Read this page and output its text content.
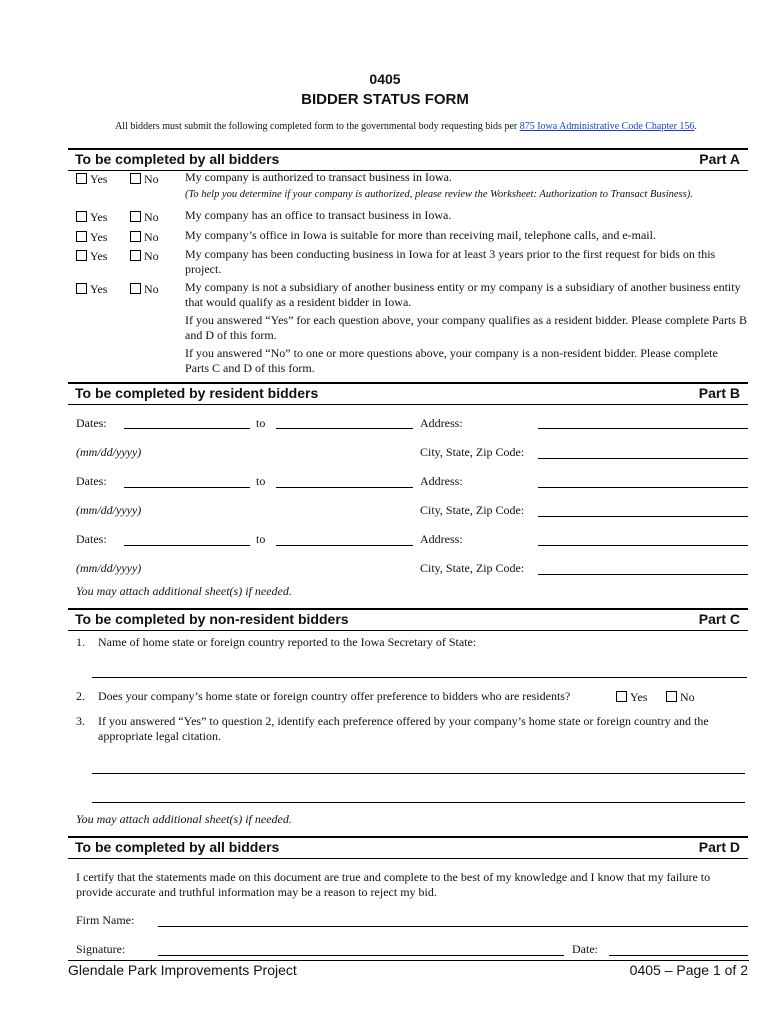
0405
BIDDER STATUS FORM
All bidders must submit the following completed form to the governmental body requesting bids per 875 Iowa Administrative Code Chapter 156.
To be completed by all bidders	Part A
Yes	No My company is authorized to transact business in Iowa.
(To help you determine if your company is authorized, please review the Worksheet: Authorization to Transact Business).
Yes	No My company has an office to transact business in Iowa.
Yes	No My company’s office in Iowa is suitable for more than receiving mail, telephone calls, and e-mail.
Yes	No My company has been conducting business in Iowa for at least 3 years prior to the first request for bids on this project.
Yes	No My company is not a subsidiary of another business entity or my company is a subsidiary of another business entity that would qualify as a resident bidder in Iowa.
If you answered “Yes” for each question above, your company qualifies as a resident bidder. Please complete Parts B and D of this form.
If you answered “No” to one or more questions above, your company is a non-resident bidder. Please complete Parts C and D of this form.
To be completed by resident bidders	Part B
Dates:	to	Address:
(mm/dd/yyyy)	City, State, Zip Code:
Dates:	to	Address:
(mm/dd/yyyy)	City, State, Zip Code:
Dates:	to	Address:
(mm/dd/yyyy)	City, State, Zip Code:
You may attach additional sheet(s) if needed.
To be completed by non-resident bidders	Part C
1. Name of home state or foreign country reported to the Iowa Secretary of State:
2. Does your company’s home state or foreign country offer preference to bidders who are residents?	Yes	No
3. If you answered “Yes” to question 2, identify each preference offered by your company’s home state or foreign country and the appropriate legal citation.
You may attach additional sheet(s) if needed.
To be completed by all bidders	Part D
I certify that the statements made on this document are true and complete to the best of my knowledge and I know that my failure to provide accurate and truthful information may be a reason to reject my bid.
Firm Name:
Signature:	Date:
Glendale Park Improvements Project	0405 – Page 1 of 2
